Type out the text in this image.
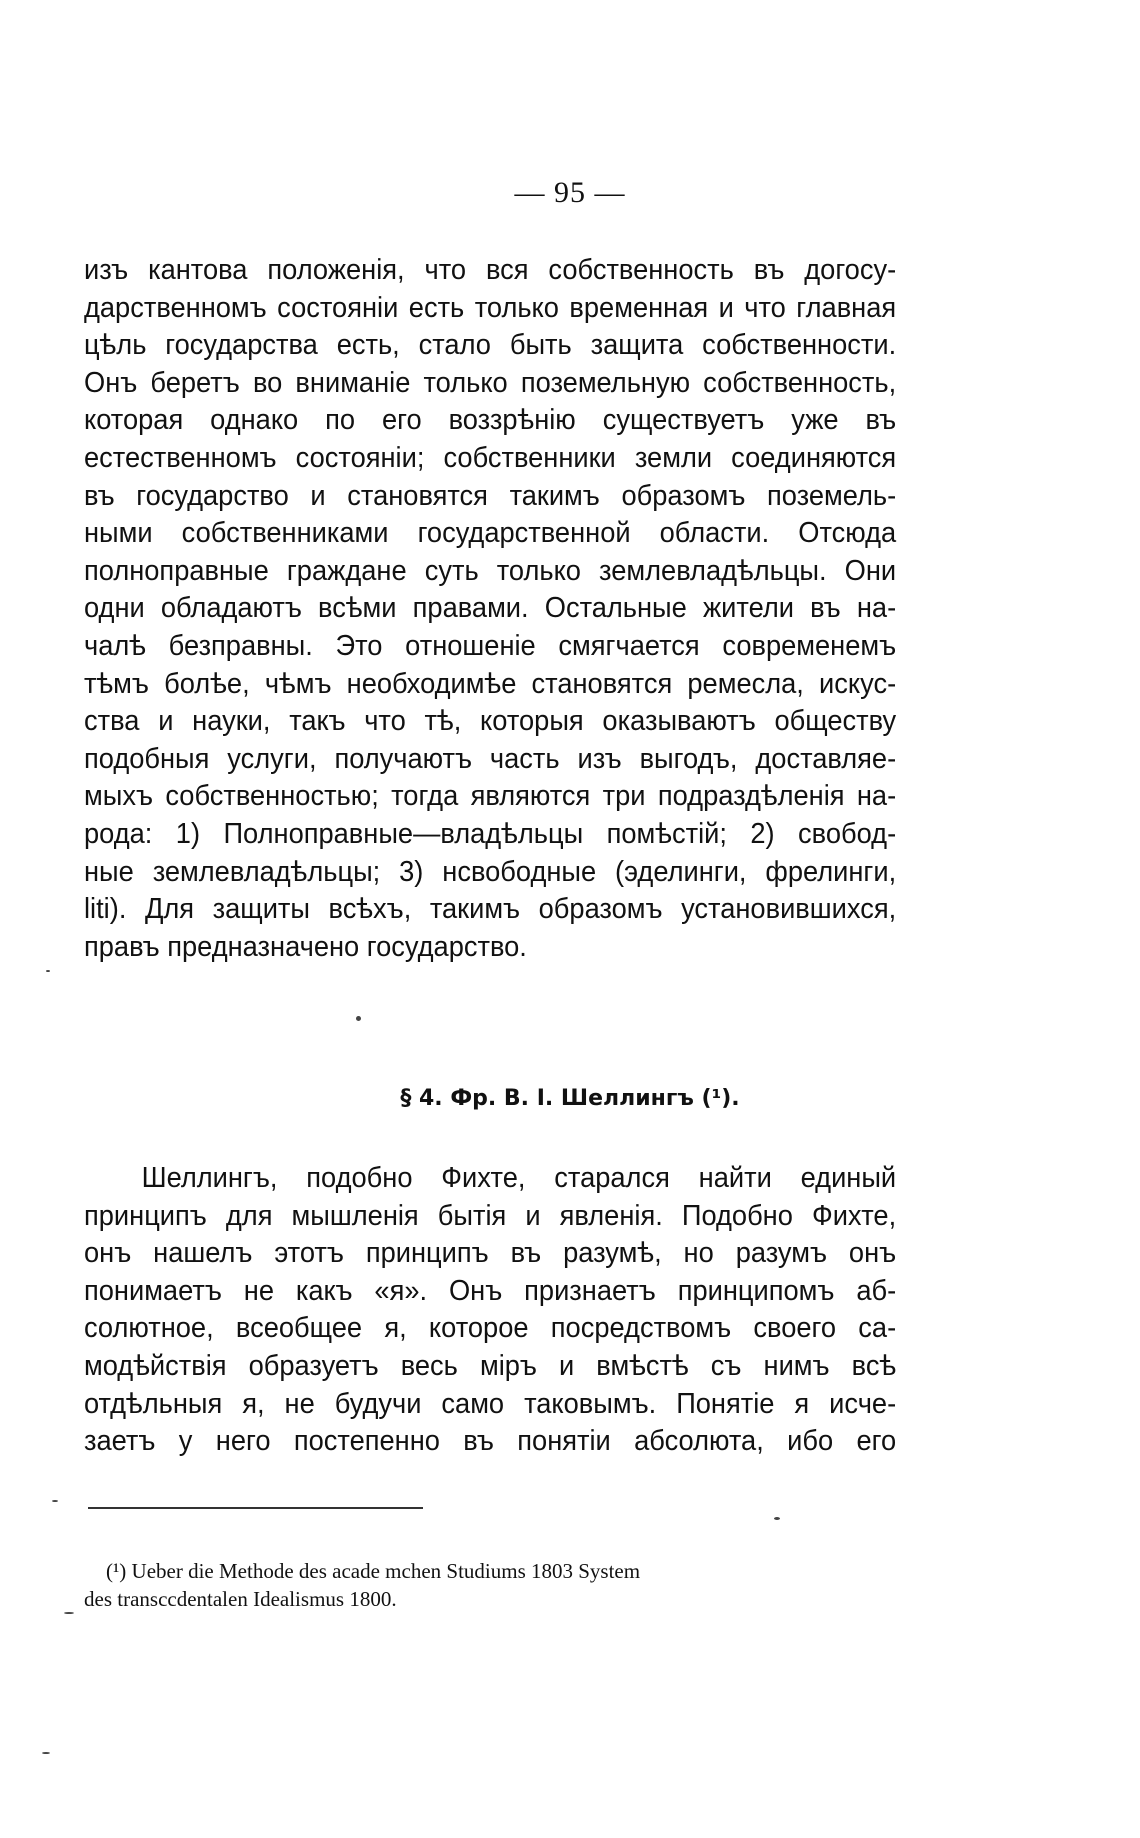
— 95 —
изъ кантова положенія, что вся собственность въ догосу-
дарственномъ состояніи есть только временная и что главная
цѣль государства есть, стало быть защита собственности.
Онъ беретъ во вниманіе только поземельную собственность,
которая однако по его воззрѣнію существуетъ уже въ
естественномъ состояніи; собственники земли соединяются
въ государство и становятся такимъ образомъ поземель-
ными собственниками государственной области. Отсюда
полноправные граждане суть только землевладѣльцы. Они
одни обладаютъ всѣми правами. Остальные жители въ на-
чалѣ безправны. Это отношеніе смягчается современемъ
тѣмъ болѣе, чѣмъ необходимѣе становятся ремесла, искус-
ства и науки, такъ что тѣ, которыя оказываютъ обществу
подобныя услуги, получаютъ часть изъ выгодъ, доставляе-
мыхъ собственностью; тогда являются три подраздѣленія на-
рода: 1) Полноправные—владѣльцы помѣстій; 2) свобод-
ные землевладѣльцы; 3) нсвободные (эделинги, фрелинги,
liti). Для защиты всѣхъ, такимъ образомъ установившихся,
правъ предназначено государство.
§ 4. Фр. В. І. Шеллингъ (¹).
Шеллингъ, подобно Фихте, старался найти единый
принципъ для мышленія бытія и явленія. Подобно Фихте,
онъ нашелъ этотъ принципъ въ разумѣ, но разумъ онъ
понимаетъ не какъ «я». Онъ признаетъ принципомъ аб-
солютное, всеобщее я, которое посредствомъ своего са-
модѣйствія образуетъ весь міръ и вмѣстѣ съ нимъ всѣ
отдѣльныя я, не будучи само таковымъ. Понятіе я исче-
заетъ у него постепенно въ понятіи абсолюта, ибо его
(¹) Ueber die Methode des acade mchen Studiums 1803 System
des transcсdentalen Idealismus 1800.
